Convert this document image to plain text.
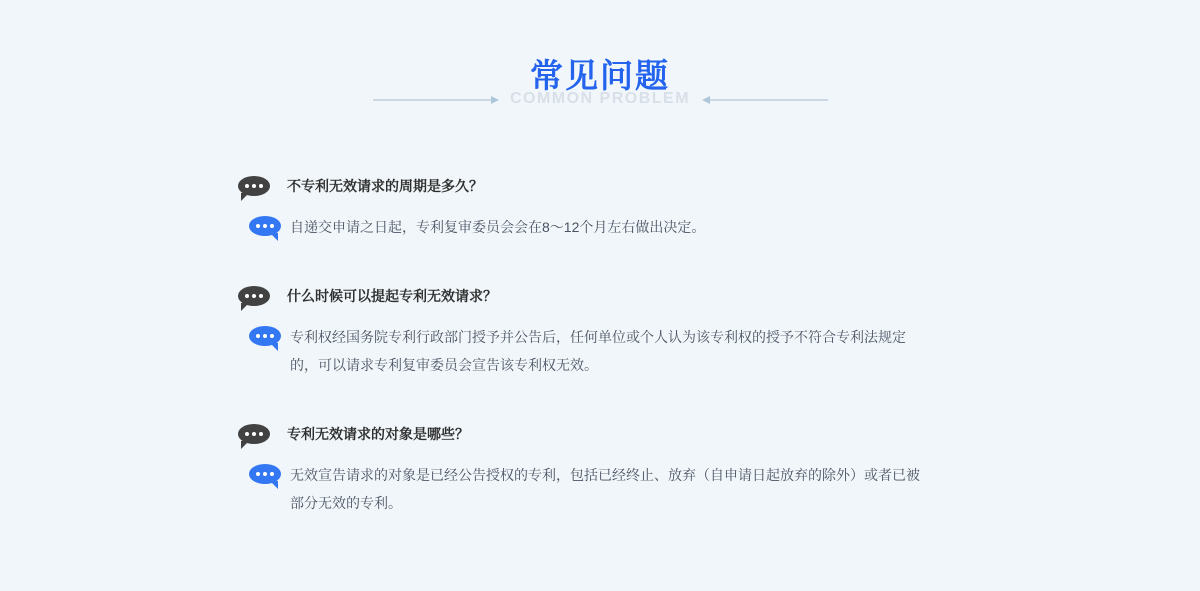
常见问题
COMMON PROBLEM
不专利无效请求的周期是多久？
自递交申请之日起，专利复审委员会会在8～12个月左右做出决定。
什么时候可以提起专利无效请求？
专利权经国务院专利行政部门授予并公告后，任何单位或个人认为该专利权的授予不符合专利法规定的，可以请求专利复审委员会宣告该专利权无效。
专利无效请求的对象是哪些？
无效宣告请求的对象是已经公告授权的专利，包括已经终止、放弃（自申请日起放弃的除外）或者已被部分无效的专利。
